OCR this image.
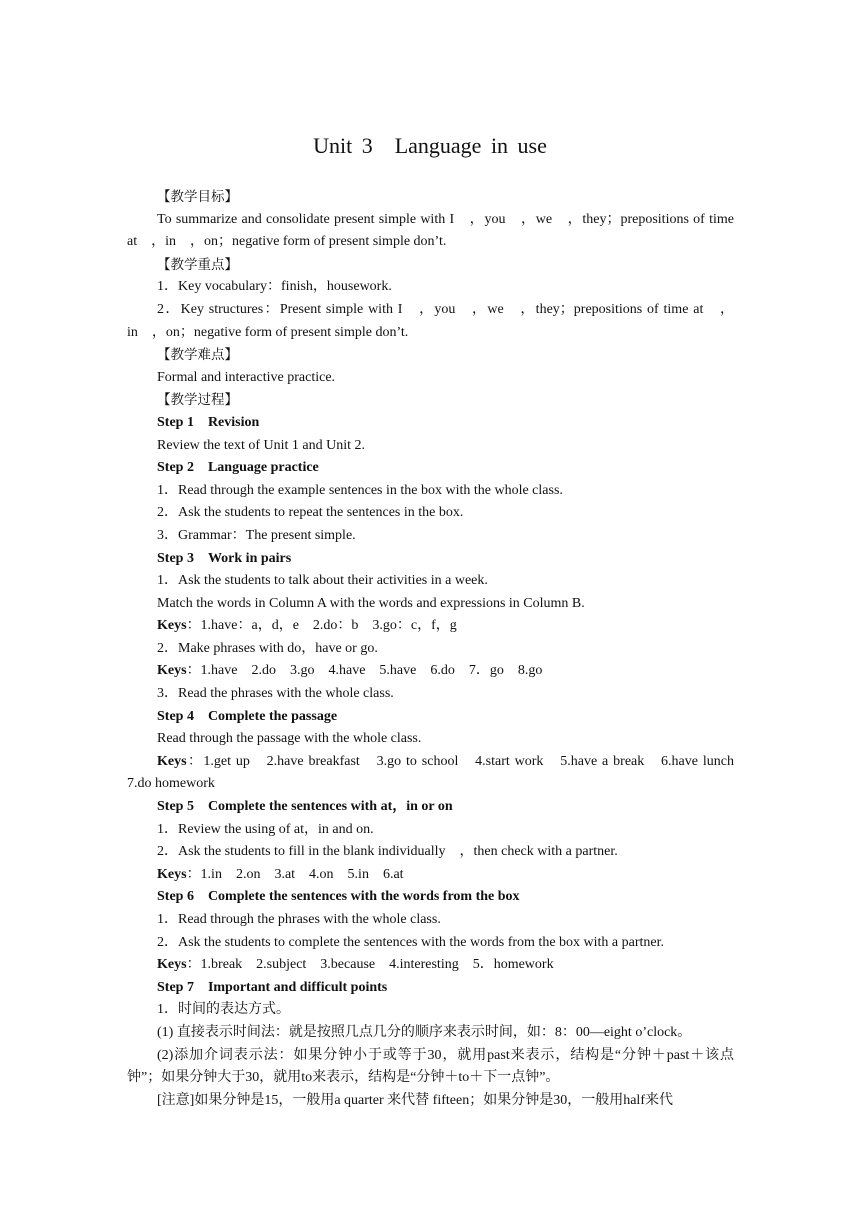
Unit 3　Language in use

【教学目标】

To summarize and consolidate present simple with I　，you　，we　，they；prepositions of time at　，in　，on；negative form of present simple don’t.

【教学重点】

1．Key vocabulary：finish，housework.

2．Key structures：Present simple with I　，you　，we　，they；prepositions of time at　，in　，on；negative form of present simple don’t.

【教学难点】

Formal and interactive practice.

【教学过程】

Step 1　Revision

Review the text of Unit 1 and Unit 2.

Step 2　Language practice

1．Read through the example sentences in the box with the whole class.

2．Ask the students to repeat the sentences in the box.

3．Grammar：The present simple.

Step 3　Work in pairs

1．Ask the students to talk about their activities in a week.

Match the words in Column A with the words and expressions in Column B.

Keys：1.have：a，d，e　2.do：b　3.go：c，f，g

2．Make phrases with do，have or go.

Keys：1.have　2.do　3.go　4.have　5.have　6.do　7．go　8.go

3．Read the phrases with the whole class.

Step 4　Complete the passage

Read through the passage with the whole class.

Keys：1.get up　2.have breakfast　3.go to school　4.start work　5.have a break　6.have lunch　7.do homework

Step 5　Complete the sentences with at，in or on

1．Review the using of at，in and on.

2．Ask the students to fill in the blank individually　，then check with a partner.

Keys：1.in　2.on　3.at　4.on　5.in　6.at

Step 6　Complete the sentences with the words from the box

1．Read through the phrases with the whole class.

2．Ask the students to complete the sentences with the words from the box with a partner.

Keys：1.break　2.subject　3.because　4.interesting　5．homework

Step 7　Important and difficult points

1．时间的表达方式。

(1) 直接表示时间法：就是按照几点几分的顺序来表示时间，如：8：00—eight o’clock。

(2)添加介词表示法：如果分钟小于或等于30，就用past来表示，结构是“分钟＋past＋该点钟”；如果分钟大于30，就用to来表示，结构是“分钟＋to＋下一点钟”。

[注意]如果分钟是15，一般用a quarter 来代替 fifteen；如果分钟是30，一般用half来代
